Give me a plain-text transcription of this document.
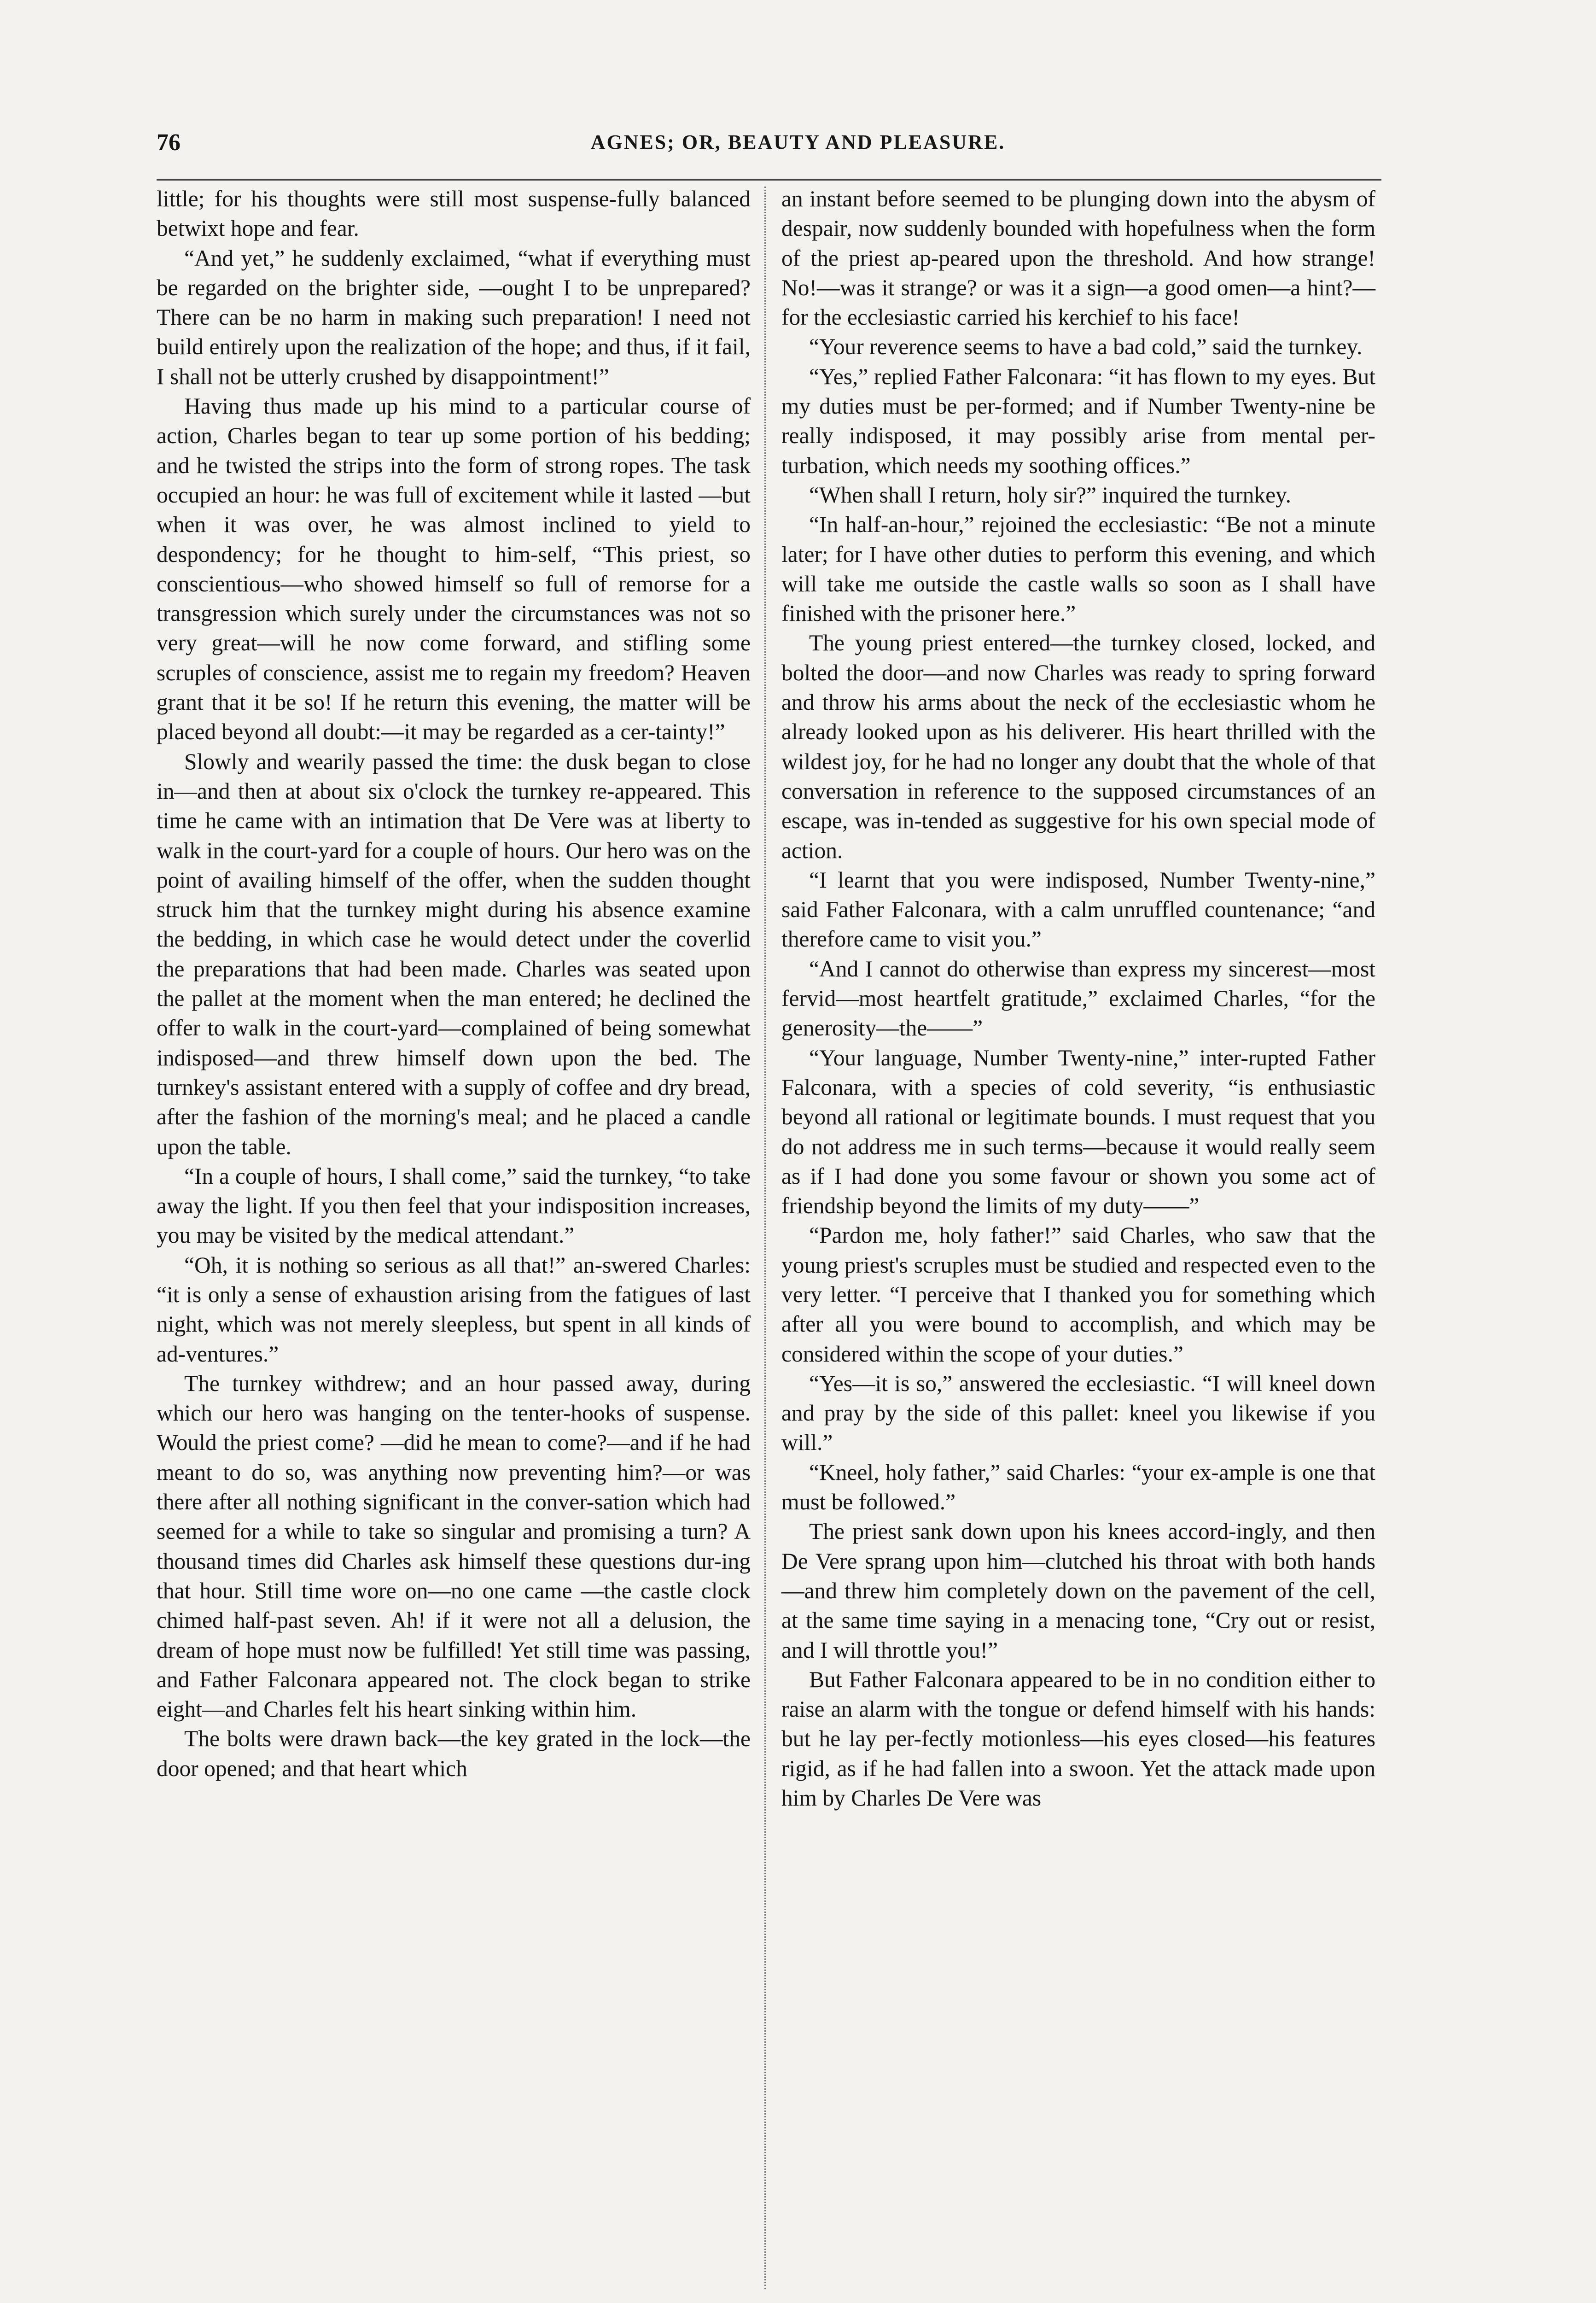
76	AGNES; OR, BEAUTY AND PLEASURE.

little; for his thoughts were still most suspense-fully balanced betwixt hope and fear.

“And yet,” he suddenly exclaimed, “what if everything must be regarded on the brighter side, —ought I to be unprepared? There can be no harm in making such preparation! I need not build entirely upon the realization of the hope; and thus, if it fail, I shall not be utterly crushed by disappointment!”

Having thus made up his mind to a particular course of action, Charles began to tear up some portion of his bedding; and he twisted the strips into the form of strong ropes. The task occupied an hour: he was full of excitement while it lasted —but when it was over, he was almost inclined to yield to despondency; for he thought to him-self, “This priest, so conscientious—who showed himself so full of remorse for a transgression which surely under the circumstances was not so very great—will he now come forward, and stifling some scruples of conscience, assist me to regain my freedom? Heaven grant that it be so! If he return this evening, the matter will be placed beyond all doubt:—it may be regarded as a cer-tainty!”

Slowly and wearily passed the time: the dusk began to close in—and then at about six o'clock the turnkey re-appeared. This time he came with an intimation that De Vere was at liberty to walk in the court-yard for a couple of hours. Our hero was on the point of availing himself of the offer, when the sudden thought struck him that the turnkey might during his absence examine the bedding, in which case he would detect under the coverlid the preparations that had been made. Charles was seated upon the pallet at the moment when the man entered; he declined the offer to walk in the court-yard—complained of being somewhat indisposed—and threw himself down upon the bed. The turnkey's assistant entered with a supply of coffee and dry bread, after the fashion of the morning's meal; and he placed a candle upon the table.

“In a couple of hours, I shall come,” said the turnkey, “to take away the light. If you then feel that your indisposition increases, you may be visited by the medical attendant.”

“Oh, it is nothing so serious as all that!” an-swered Charles: “it is only a sense of exhaustion arising from the fatigues of last night, which was not merely sleepless, but spent in all kinds of ad-ventures.”

The turnkey withdrew; and an hour passed away, during which our hero was hanging on the tenter-hooks of suspense. Would the priest come? —did he mean to come?—and if he had meant to do so, was anything now preventing him?—or was there after all nothing significant in the conver-sation which had seemed for a while to take so singular and promising a turn? A thousand times did Charles ask himself these questions dur-ing that hour. Still time wore on—no one came —the castle clock chimed half-past seven. Ah! if it were not all a delusion, the dream of hope must now be fulfilled! Yet still time was passing, and Father Falconara appeared not. The clock began to strike eight—and Charles felt his heart sinking within him.

The bolts were drawn back—the key grated in the lock—the door opened; and that heart which

an instant before seemed to be plunging down into the abysm of despair, now suddenly bounded with hopefulness when the form of the priest ap-peared upon the threshold. And how strange! No!—was it strange? or was it a sign—a good omen—a hint?—for the ecclesiastic carried his kerchief to his face!

“Your reverence seems to have a bad cold,” said the turnkey.

“Yes,” replied Father Falconara: “it has flown to my eyes. But my duties must be per-formed; and if Number Twenty-nine be really indisposed, it may possibly arise from mental per-turbation, which needs my soothing offices.”

“When shall I return, holy sir?” inquired the turnkey.

“In half-an-hour,” rejoined the ecclesiastic: “Be not a minute later; for I have other duties to perform this evening, and which will take me outside the castle walls so soon as I shall have finished with the prisoner here.”

The young priest entered—the turnkey closed, locked, and bolted the door—and now Charles was ready to spring forward and throw his arms about the neck of the ecclesiastic whom he already looked upon as his deliverer. His heart thrilled with the wildest joy, for he had no longer any doubt that the whole of that conversation in reference to the supposed circumstances of an escape, was in-tended as suggestive for his own special mode of action.

“I learnt that you were indisposed, Number Twenty-nine,” said Father Falconara, with a calm unruffled countenance; “and therefore came to visit you.”

“And I cannot do otherwise than express my sincerest—most fervid—most heartfelt gratitude,” exclaimed Charles, “for the generosity—the——”

“Your language, Number Twenty-nine,” inter-rupted Father Falconara, with a species of cold severity, “is enthusiastic beyond all rational or legitimate bounds. I must request that you do not address me in such terms—because it would really seem as if I had done you some favour or shown you some act of friendship beyond the limits of my duty——”

“Pardon me, holy father!” said Charles, who saw that the young priest's scruples must be studied and respected even to the very letter. “I perceive that I thanked you for something which after all you were bound to accomplish, and which may be considered within the scope of your duties.”

“Yes—it is so,” answered the ecclesiastic. “I will kneel down and pray by the side of this pallet: kneel you likewise if you will.”

“Kneel, holy father,” said Charles: “your ex-ample is one that must be followed.”

The priest sank down upon his knees accord-ingly, and then De Vere sprang upon him—clutched his throat with both hands—and threw him completely down on the pavement of the cell, at the same time saying in a menacing tone, “Cry out or resist, and I will throttle you!”

But Father Falconara appeared to be in no condition either to raise an alarm with the tongue or defend himself with his hands: but he lay per-fectly motionless—his eyes closed—his features rigid, as if he had fallen into a swoon. Yet the attack made upon him by Charles De Vere was
